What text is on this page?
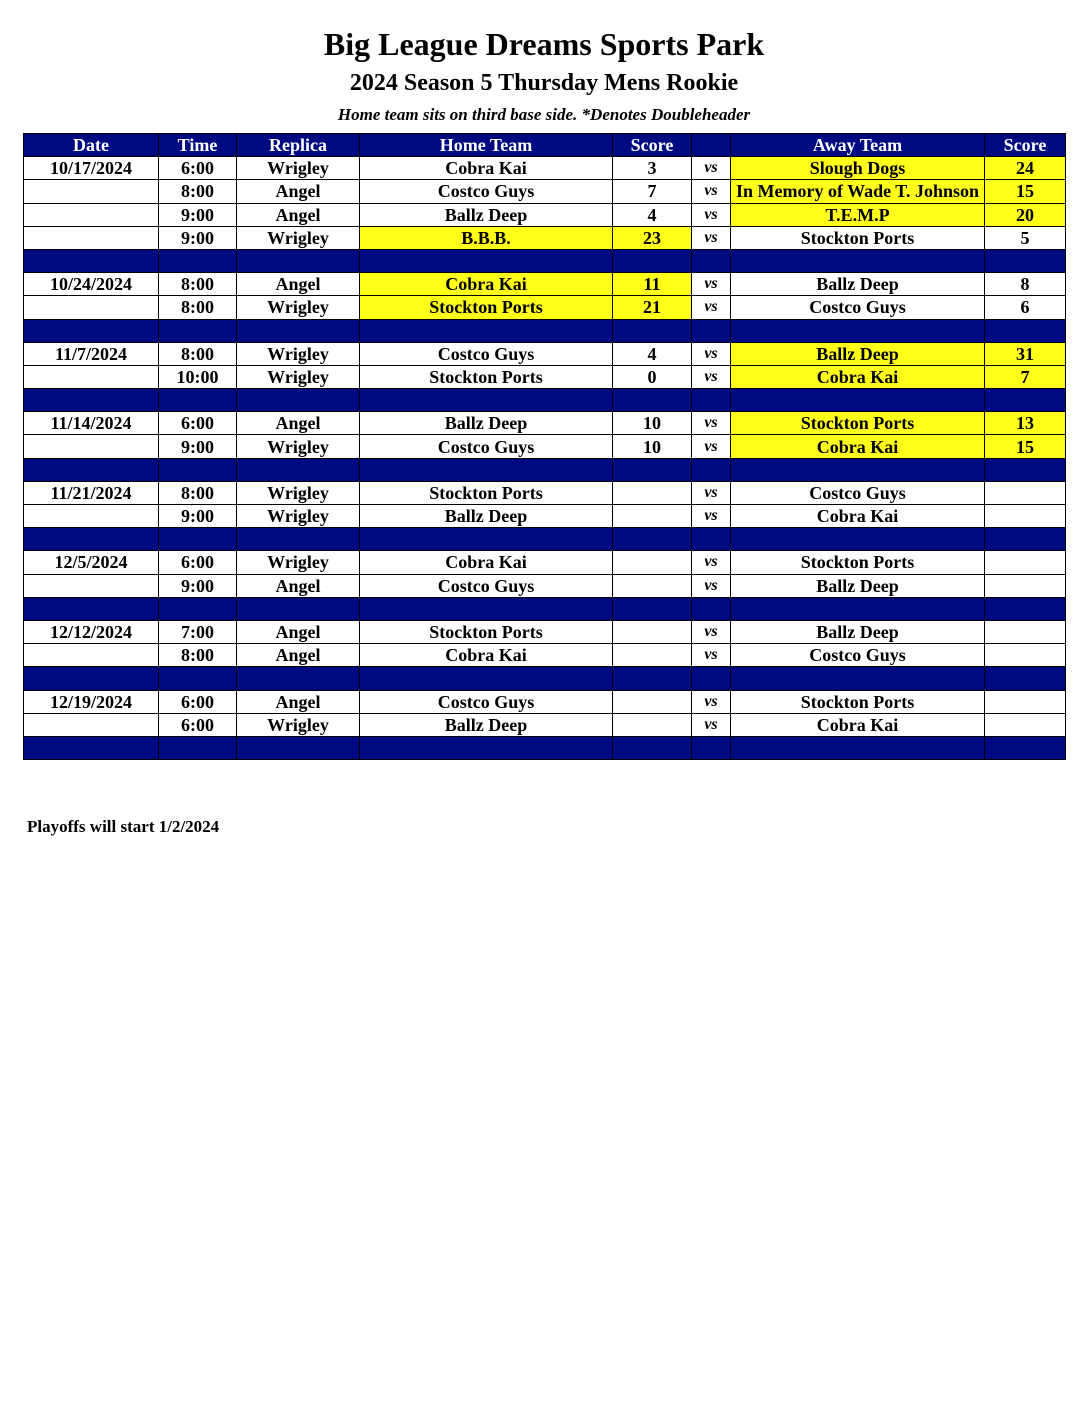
Big League Dreams Sports Park
2024 Season 5 Thursday Mens Rookie
Home team sits on third base side. *Denotes Doubleheader
Date	Time	Replica	Home Team	Score		Away Team	Score
10/17/2024	6:00	Wrigley	Cobra Kai	3	vs	Slough Dogs	24
	8:00	Angel	Costco Guys	7	vs	In Memory of Wade T. Johnson	15
	9:00	Angel	Ballz Deep	4	vs	T.E.M.P	20
	9:00	Wrigley	B.B.B.	23	vs	Stockton Ports	5

10/24/2024	8:00	Angel	Cobra Kai	11	vs	Ballz Deep	8
	8:00	Wrigley	Stockton Ports	21	vs	Costco Guys	6

11/7/2024	8:00	Wrigley	Costco Guys	4	vs	Ballz Deep	31
	10:00	Wrigley	Stockton Ports	0	vs	Cobra Kai	7

11/14/2024	6:00	Angel	Ballz Deep	10	vs	Stockton Ports	13
	9:00	Wrigley	Costco Guys	10	vs	Cobra Kai	15

11/21/2024	8:00	Wrigley	Stockton Ports		vs	Costco Guys	
	9:00	Wrigley	Ballz Deep		vs	Cobra Kai	

12/5/2024	6:00	Wrigley	Cobra Kai		vs	Stockton Ports	
	9:00	Angel	Costco Guys		vs	Ballz Deep	

12/12/2024	7:00	Angel	Stockton Ports		vs	Ballz Deep	
	8:00	Angel	Cobra Kai		vs	Costco Guys	

12/19/2024	6:00	Angel	Costco Guys		vs	Stockton Ports	
	6:00	Wrigley	Ballz Deep		vs	Cobra Kai	

Playoffs will start 1/2/2024
